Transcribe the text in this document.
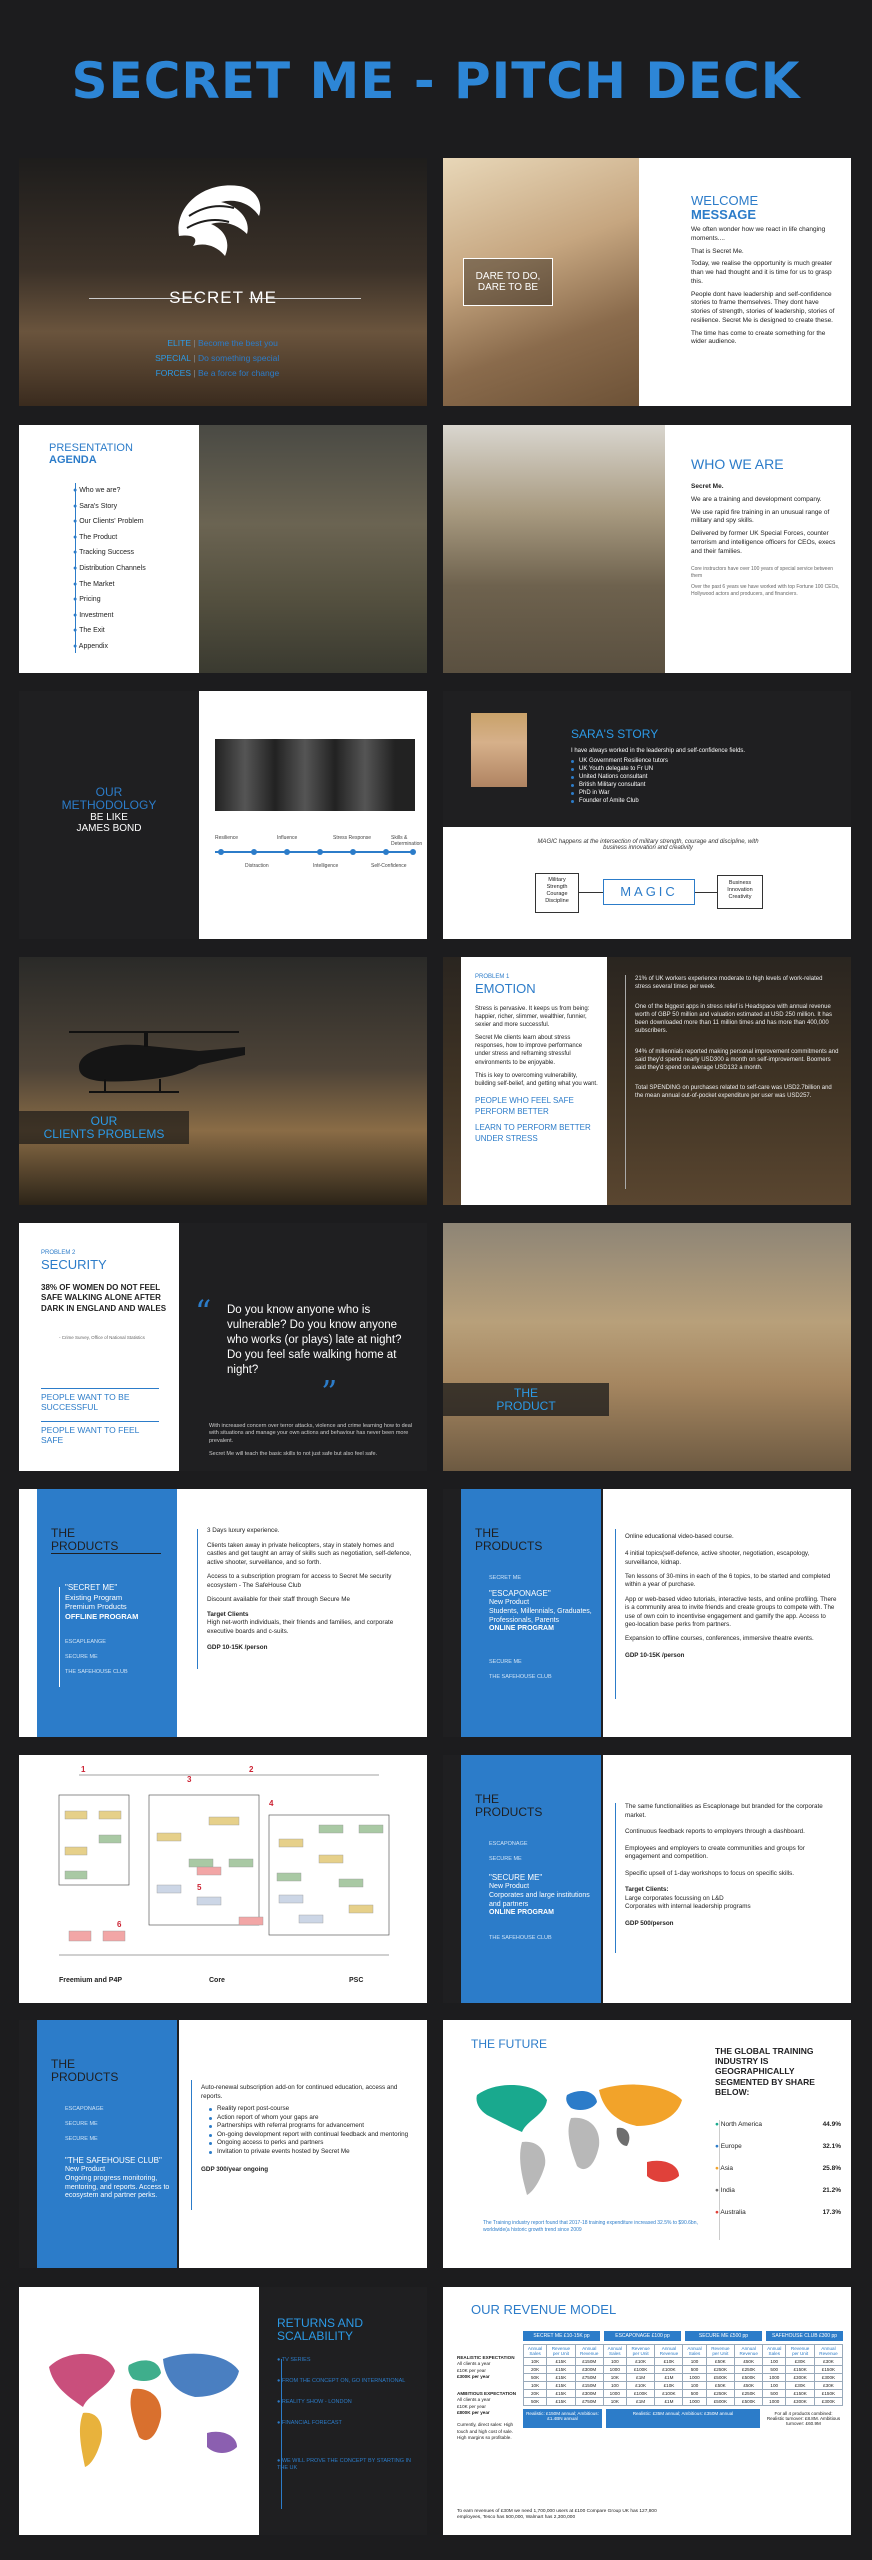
SECRET ME - PITCH DECK
SECRET ME
ELITE | Become the best you
SPECIAL | Do something special
FORCES | Be a force for change
DARE TO DO, DARE TO BE
WELCOME
MESSAGE

We often wonder how we react in life changing moments....

That is Secret Me.

Today, we realise the opportunity is much greater than we had thought and it is time for us to grasp this.

People dont have leadership and self-confidence stories to frame themselves. They dont have stories of strength, stories of leadership, stories of resilience. Secret Me is designed to create these.

The time has come to create something for the wider audience.

PRESENTATION
AGENDA
● Who we are?
● Sara's Story
● Our Clients' Problem
● The Product
● Tracking Success
● Distribution Channels
● The Market
● Pricing
● Investment
● The Exit
● Appendix
WHO WE ARE

Secret Me.

We are a training and development company.

We use rapid fire training in an unusual range of military and spy skills.

Delivered by former UK Special Forces, counter terrorism and intelligence officers for CEOs, execs and their families.

Core instructors have over 100 years of special service between them

Over the past 6 years we have worked with top Fortune 100 CEOs, Hollywood actors and producers, and financiers.

OUR
METHODOLOGY
BE LIKE
JAMES BOND
Resilience	Influence	Stress Response	Skills & Determination
Distraction	Intelligence	Self-Confidence
SARA'S STORY
I have always worked in the leadership and self-confidence fields.
UK Government Resilience tutors
UK Youth delegate to Fr UN
United Nations consultant
British Military consultant
PhD in War
Founder of Amite Club
MAGIC happens at the intersection of military strength, courage and discipline, with business innovation and creativity
Military
Strength
Courage
Discipline
MAGIC
Business
Innovation
Creativity
OUR
CLIENTS PROBLEMS
PROBLEM 1
EMOTION

Stress is pervasive. It keeps us from being: happier, richer, slimmer, wealthier, funnier, sexier and more successful.

Secret Me clients learn about stress responses, how to improve performance under stress and reframing stressful environments to be enjoyable.

This is key to overcoming vulnerability, building self-belief, and getting what you want.

PEOPLE WHO FEEL SAFE PERFORM BETTER

LEARN TO PERFORM BETTER UNDER STRESS

21% of UK workers experience moderate to high levels of work-related stress several times per week.

One of the biggest apps in stress relief is Headspace with annual revenue worth of GBP 50 million and valuation estimated at USD 250 million. It has been downloaded more than 11 million times and has more than 400,000 subscribers.

94% of millennials reported making personal improvement commitments and said they'd spend nearly USD300 a month on self-improvement. Boomers said they'd spend on average USD132 a month.

Total SPENDING on purchases related to self-care was USD2.7billion and the mean annual out-of-pocket expenditure per user was USD257.

PROBLEM 2
SECURITY
38% OF WOMEN DO NOT FEEL SAFE WALKING ALONE AFTER DARK IN ENGLAND AND WALES
- Crime Survey, Office of National Statistics
PEOPLE WANT TO BE SUCCESSFUL
PEOPLE WANT TO FEEL SAFE
“ Do you know anyone who is vulnerable? Do you know anyone who works (or plays) late at night? Do you feel safe walking home at night?
”

With increased concern over terror attacks, violence and crime learning how to deal with situations and manage your own actions and behaviour has never been more prevalent.

Secret Me will teach the basic skills to not just safe but also feel safe.

THE
PRODUCT
THE
PRODUCTS
"SECRET ME"
Existing Program
Premium Products
OFFLINE PROGRAM
ESCAPLEANGE
SECURE ME
THE SAFEHOUSE CLUB

3 Days luxury experience.

Clients taken away in private helicopters, stay in stately homes and castles and get taught an array of skills such as negotiation, self-defence, active shooter, surveillance, and so forth.

Access to a subscription program for access to Secret Me security ecosystem - The SafeHouse Club

Discount available for their staff through Secure Me

Target Clients

High net-worth individuals, their friends and families, and corporate executive boards and c-suits.

GDP 10-15K /person

THE
PRODUCTS
SECRET ME
"ESCAPONAGE"
New Product
Students, Millennials, Graduates, Professionals, Parents
ONLINE PROGRAM
SECURE ME
THE SAFEHOUSE CLUB

Online educational video-based course.

4 initial topics(self-defence, active shooter, negotiation, escapology, surveillance, kidnap.

Ten lessons of 30-mins in each of the 6 topics, to be started and completed within a year of purchase.

App or web-based video tutorials, interactive tests, and online profiling. There is a community area to invite friends and create groups to compete with. The use of own coin to incentivise engagement and gamify the app. Access to geo-location base perks from partners.

Expansion to offline courses, conferences, immersive theatre events.

GDP 10-15K /person

1	2
3
4
5
6
Freemium and P4P	Core	PSC
THE
PRODUCTS
ESCAPONAGE
SECURE ME
"SECURE ME"
New Product
Corporates and large institutions and partners
ONLINE PROGRAM
THE SAFEHOUSE CLUB

The same functionalities as Escaplonage but branded for the corporate market.

Continuous feedback reports to employers through a dashboard.

Employees and employers to create communities and groups for engagement and competition.

Specific upsell of 1-day workshops to focus on specific skills.

Target Clients:

Large corporates focussing on L&D

Corporates with internal leadership programs

GDP 500/person

THE
PRODUCTS
ESCAPONAGE
SECURE ME
SECURE ME
"THE SAFEHOUSE CLUB"
New Product
Ongoing progress monitoring, mentoring, and reports. Access to ecosystem and partner perks.

Auto-renewal subscription add-on for continued education, access and reports.

Reality report post-course
Action report of whom your gaps are
Partnerships with referral programs for advancement
On-going development report with continual feedback and mentoring
Ongoing access to perks and partners
Invitation to private events hosted by Secret Me

GDP 300/year ongoing

THE FUTURE	THE GLOBAL TRAINING INDUSTRY IS GEOGRAPHICALLY SEGMENTED BY SHARE BELOW:
● North America	44.9%
● Europe	32.1%
● Asia	25.8%
● India	21.2%
● Australia	17.3%
The Training industry report found that 2017-18 training expenditure increased 32.5% to $90.6bn, worldwide(a historic growth trend since 2009
RETURNS AND
SCALABILITY
● TV SERIES
● FROM THE CONCEPT ON, GO INTERNATIONAL
● REALITY SHOW - LONDON
● FINANCIAL FORECAST
● WE WILL PROVE THE CONCEPT BY STARTING IN THE UK
OUR REVENUE MODEL
REALISTIC EXPECTATION
All clients a year
£10K per year
£300K per year
AMBITIOUS EXPECTATION
All clients a year
£10K per year
£800K per year
Currently, direct sales: High touch and high cost of sale. High margins so profitable.
SECRET ME £10-15K pp	ESCAPONAGE £100 pp	SECURE ME £500 pp	SAFEHOUSE CLUB £300 pp
Annual Sales	Revenue per Unit	Annual Revenue	Annual Sales	Revenue per Unit	Annual Revenue	Annual Sales	Revenue per Unit	Annual Revenue	Annual Sales	Revenue per Unit	Annual Revenue
10K	£15K	£150M	100	£10K	£10K	100	£50K	£50K	100	£30K	£30K
20K	£15K	£300M	1000	£100K	£100K	500	£250K	£250K	500	£150K	£150K
50K	£15K	£750M	10K	£1M	£1M	1000	£500K	£500K	1000	£300K	£300K
10K	£15K	£150M	100	£10K	£10K	100	£50K	£50K	100	£30K	£30K
20K	£15K	£300M	1000	£100K	£100K	500	£250K	£250K	500	£150K	£150K
50K	£15K	£750M	10K	£1M	£1M	1000	£500K	£500K	1000	£300K	£300K
Realistic: £150M annual; Ambitious: £1.4BN annual
Realistic: £35M annual; Ambitious: £350M annual	For all 4 products combined: Realistic turnover: £8.8M. Ambitious turnover: £60.9M
To earn revenues of £30M we need 1,700,000 users at £100 Compare Group UK has 127,800 employees, Tesco has 500,000, Walmart has 2,300,000
